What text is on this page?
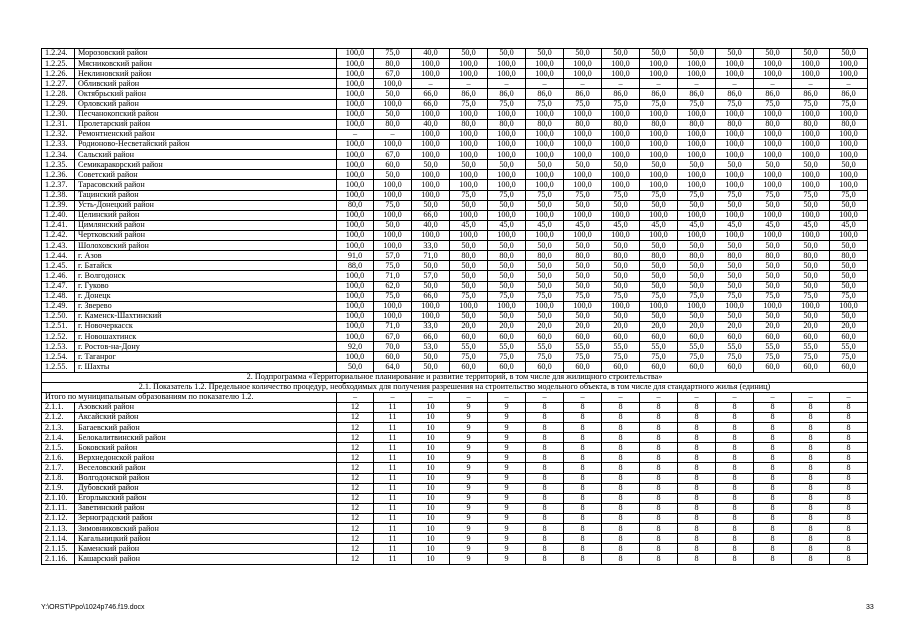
1.2.24.	Морозовский район	100,0	75,0	40,0	50,0	50,0	50,0	50,0	50,0	50,0	50,0	50,0	50,0	50,0	50,0
1.2.25.	Мясниковский район	100,0	80,0	100,0	100,0	100,0	100,0	100,0	100,0	100,0	100,0	100,0	100,0	100,0	100,0
1.2.26.	Неклиновский район	100,0	67,0	100,0	100,0	100,0	100,0	100,0	100,0	100,0	100,0	100,0	100,0	100,0	100,0
1.2.27.	Обливский район	100,0	100,0	–	–	–	–	–	–	–	–	–	–	–	–
1.2.28.	Октябрьский район	100,0	50,0	66,0	86,0	86,0	86,0	86,0	86,0	86,0	86,0	86,0	86,0	86,0	86,0
1.2.29.	Орловский район	100,0	100,0	66,0	75,0	75,0	75,0	75,0	75,0	75,0	75,0	75,0	75,0	75,0	75,0
1.2.30.	Песчанокопский район	100,0	50,0	100,0	100,0	100,0	100,0	100,0	100,0	100,0	100,0	100,0	100,0	100,0	100,0
1.2.31.	Пролетарский район	100,0	80,0	40,0	80,0	80,0	80,0	80,0	80,0	80,0	80,0	80,0	80,0	80,0	80,0
1.2.32.	Ремонтненский район	–	–	100,0	100,0	100,0	100,0	100,0	100,0	100,0	100,0	100,0	100,0	100,0	100,0
1.2.33.	Родионово-Несветайский район	100,0	100,0	100,0	100,0	100,0	100,0	100,0	100,0	100,0	100,0	100,0	100,0	100,0	100,0
1.2.34.	Сальский район	100,0	67,0	100,0	100,0	100,0	100,0	100,0	100,0	100,0	100,0	100,0	100,0	100,0	100,0
1.2.35.	Семикаракорский район	100,0	60,0	50,0	50,0	50,0	50,0	50,0	50,0	50,0	50,0	50,0	50,0	50,0	50,0
1.2.36.	Советский район	100,0	50,0	100,0	100,0	100,0	100,0	100,0	100,0	100,0	100,0	100,0	100,0	100,0	100,0
1.2.37.	Тарасовский район	100,0	100,0	100,0	100,0	100,0	100,0	100,0	100,0	100,0	100,0	100,0	100,0	100,0	100,0
1.2.38.	Тацинский район	100,0	100,0	100,0	75,0	75,0	75,0	75,0	75,0	75,0	75,0	75,0	75,0	75,0	75,0
1.2.39.	Усть-Донецкий район	80,0	75,0	50,0	50,0	50,0	50,0	50,0	50,0	50,0	50,0	50,0	50,0	50,0	50,0
1.2.40.	Целинский район	100,0	100,0	66,0	100,0	100,0	100,0	100,0	100,0	100,0	100,0	100,0	100,0	100,0	100,0
1.2.41.	Цимлянский район	100,0	50,0	40,0	45,0	45,0	45,0	45,0	45,0	45,0	45,0	45,0	45,0	45,0	45,0
1.2.42.	Чертковский район	100,0	100,0	100,0	100,0	100,0	100,0	100,0	100,0	100,0	100,0	100,0	100,0	100,0	100,0
1.2.43.	Шолоховский район	100,0	100,0	33,0	50,0	50,0	50,0	50,0	50,0	50,0	50,0	50,0	50,0	50,0	50,0
1.2.44.	г. Азов	91,0	57,0	71,0	80,0	80,0	80,0	80,0	80,0	80,0	80,0	80,0	80,0	80,0	80,0
1.2.45.	г. Батайск	88,0	75,0	50,0	50,0	50,0	50,0	50,0	50,0	50,0	50,0	50,0	50,0	50,0	50,0
1.2.46.	г. Волгодонск	100,0	71,0	57,0	50,0	50,0	50,0	50,0	50,0	50,0	50,0	50,0	50,0	50,0	50,0
1.2.47.	г. Гуково	100,0	62,0	50,0	50,0	50,0	50,0	50,0	50,0	50,0	50,0	50,0	50,0	50,0	50,0
1.2.48.	г. Донецк	100,0	75,0	66,0	75,0	75,0	75,0	75,0	75,0	75,0	75,0	75,0	75,0	75,0	75,0
1.2.49.	г. Зверево	100,0	100,0	100,0	100,0	100,0	100,0	100,0	100,0	100,0	100,0	100,0	100,0	100,0	100,0
1.2.50.	г. Каменск-Шахтинский	100,0	100,0	100,0	50,0	50,0	50,0	50,0	50,0	50,0	50,0	50,0	50,0	50,0	50,0
1.2.51.	г. Новочеркасск	100,0	71,0	33,0	20,0	20,0	20,0	20,0	20,0	20,0	20,0	20,0	20,0	20,0	20,0
1.2.52.	г. Новошахтинск	100,0	67,0	66,0	60,0	60,0	60,0	60,0	60,0	60,0	60,0	60,0	60,0	60,0	60,0
1.2.53.	г. Ростов-на-Дону	92,0	70,0	53,0	55,0	55,0	55,0	55,0	55,0	55,0	55,0	55,0	55,0	55,0	55,0
1.2.54.	г. Таганрог	100,0	60,0	50,0	75,0	75,0	75,0	75,0	75,0	75,0	75,0	75,0	75,0	75,0	75,0
1.2.55.	г. Шахты	50,0	64,0	50,0	60,0	60,0	60,0	60,0	60,0	60,0	60,0	60,0	60,0	60,0	60,0
2. Подпрограмма «Территориальное планирование и развитие территорий, в том числе для жилищного строительства»															
2.1. Показатель 1.2. Предельное количество процедур, необходимых для получения разрешения на строительство модельного объекта, в том числе для стандартного жилья (единиц)															
Итого по муниципальным образованиям по показателю 1.2.		–	–	–	–	–	–	–	–	–	–	–	–	–	–
2.1.1.	Азовский район	12	11	10	9	9	8	8	8	8	8	8	8	8	8
2.1.2.	Аксайский район	12	11	10	9	9	8	8	8	8	8	8	8	8	8
2.1.3.	Багаевский район	12	11	10	9	9	8	8	8	8	8	8	8	8	8
2.1.4.	Белокалитвинский район	12	11	10	9	9	8	8	8	8	8	8	8	8	8
2.1.5.	Боковский район	12	11	10	9	9	8	8	8	8	8	8	8	8	8
2.1.6.	Верхнедонской район	12	11	10	9	9	8	8	8	8	8	8	8	8	8
2.1.7.	Веселовский район	12	11	10	9	9	8	8	8	8	8	8	8	8	8
2.1.8.	Волгодонской район	12	11	10	9	9	8	8	8	8	8	8	8	8	8
2.1.9.	Дубовский район	12	11	10	9	9	8	8	8	8	8	8	8	8	8
2.1.10.	Егорлыкский район	12	11	10	9	9	8	8	8	8	8	8	8	8	8
2.1.11.	Заветинский район	12	11	10	9	9	8	8	8	8	8	8	8	8	8
2.1.12.	Зерноградский район	12	11	10	9	9	8	8	8	8	8	8	8	8	8
2.1.13.	Зимовниковский район	12	11	10	9	9	8	8	8	8	8	8	8	8	8
2.1.14.	Кагальницкий район	12	11	10	9	9	8	8	8	8	8	8	8	8	8
2.1.15.	Каменский район	12	11	10	9	9	8	8	8	8	8	8	8	8	8
2.1.16.	Кашарский район	12	11	10	9	9	8	8	8	8	8	8	8	8	8
Y:\ORST\Ppo\1024p746.f19.docx	33
